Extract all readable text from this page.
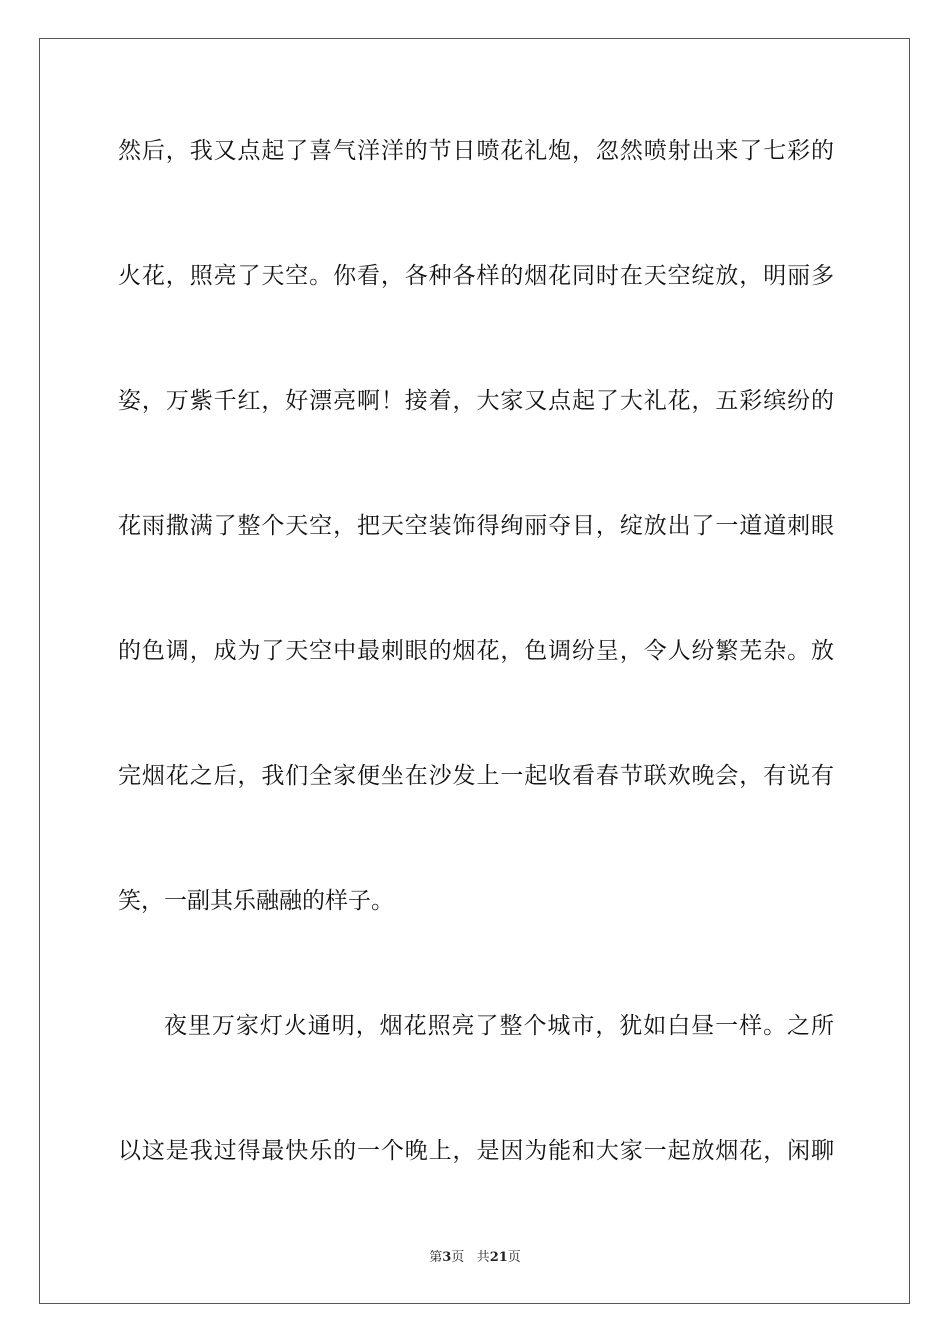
然后，我又点起了喜气洋洋的节日喷花礼炮，忽然喷射出来了七彩的
火花，照亮了天空。你看，各种各样的烟花同时在天空绽放，明丽多
姿，万紫千红，好漂亮啊！接着，大家又点起了大礼花，五彩缤纷的
花雨撒满了整个天空，把天空装饰得绚丽夺目，绽放出了一道道刺眼
的色调，成为了天空中最刺眼的烟花，色调纷呈，令人纷繁芜杂。放
完烟花之后，我们全家便坐在沙发上一起收看春节联欢晚会，有说有
笑，一副其乐融融的样子。
夜里万家灯火通明，烟花照亮了整个城市，犹如白昼一样。之所
以这是我过得最快乐的一个晚上，是因为能和大家一起放烟花，闲聊
第3页 共21页
